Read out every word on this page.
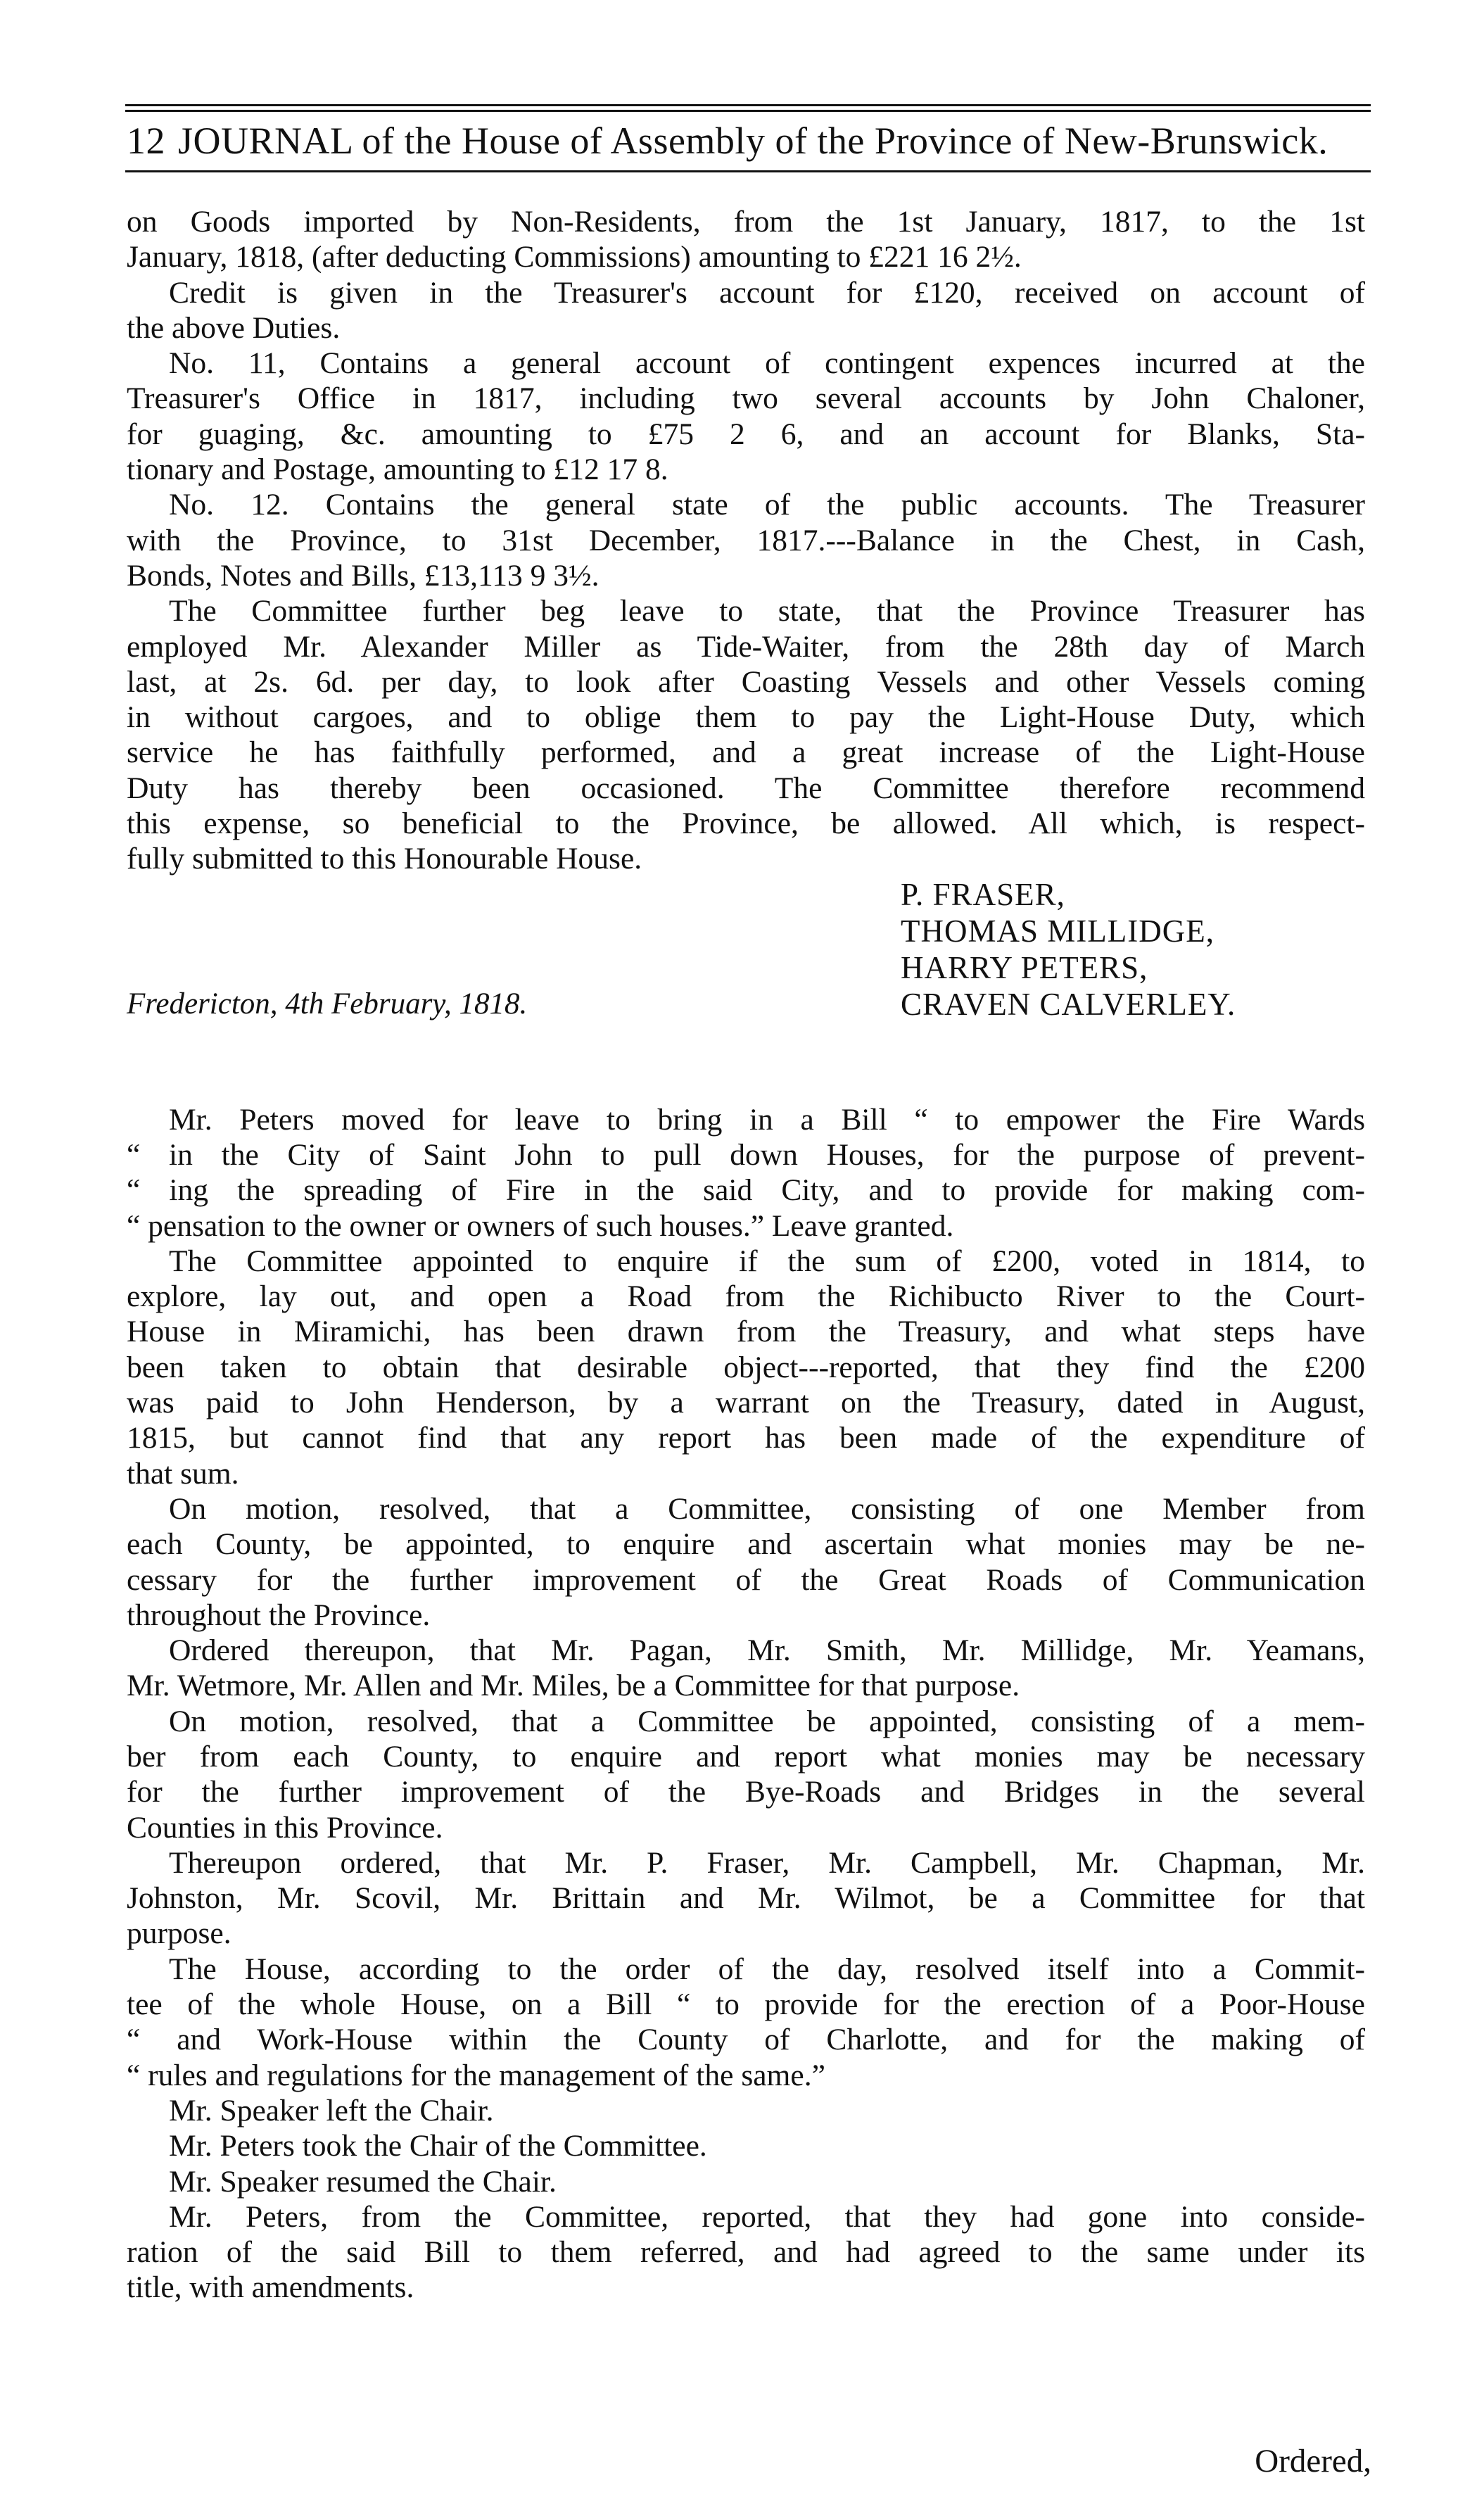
12 JOURNAL of the House of Assembly of the Province of New-Brunswick.

on Goods imported by Non-Residents, from the 1st January, 1817, to the 1st
January, 1818, (after deducting Commissions) amounting to £221 16 2½.

Credit is given in the Treasurer's account for £120, received on account of
the above Duties.

No. 11, Contains a general account of contingent expences incurred at the
Treasurer's Office in 1817, including two several accounts by John Chaloner,
for guaging, &c. amounting to £75 2 6, and an account for Blanks, Sta-
tionary and Postage, amounting to £12 17 8.

No. 12. Contains the general state of the public accounts. The Treasurer
with the Province, to 31st December, 1817.---Balance in the Chest, in Cash,
Bonds, Notes and Bills, £13,113 9 3½.

The Committee further beg leave to state, that the Province Treasurer has
employed Mr. Alexander Miller as Tide-Waiter, from the 28th day of March
last, at 2s. 6d. per day, to look after Coasting Vessels and other Vessels coming
in without cargoes, and to oblige them to pay the Light-House Duty, which
service he has faithfully performed, and a great increase of the Light-House
Duty has thereby been occasioned. The Committee therefore recommend
this expense, so beneficial to the Province, be allowed. All which, is respect-
fully submitted to this Honourable House.

P. FRASER,
THOMAS MILLIDGE,
HARRY PETERS,
Fredericton, 4th February, 1818.	CRAVEN CALVERLEY.

Mr. Peters moved for leave to bring in a Bill “ to empower the Fire Wards
“ in the City of Saint John to pull down Houses, for the purpose of prevent-
“ ing the spreading of Fire in the said City, and to provide for making com-
“ pensation to the owner or owners of such houses.” Leave granted.

The Committee appointed to enquire if the sum of £200, voted in 1814, to
explore, lay out, and open a Road from the Richibucto River to the Court-
House in Miramichi, has been drawn from the Treasury, and what steps have
been taken to obtain that desirable object---reported, that they find the £200
was paid to John Henderson, by a warrant on the Treasury, dated in August,
1815, but cannot find that any report has been made of the expenditure of
that sum.

On motion, resolved, that a Committee, consisting of one Member from
each County, be appointed, to enquire and ascertain what monies may be ne-
cessary for the further improvement of the Great Roads of Communication
throughout the Province.

Ordered thereupon, that Mr. Pagan, Mr. Smith, Mr. Millidge, Mr. Yeamans,
Mr. Wetmore, Mr. Allen and Mr. Miles, be a Committee for that purpose.

On motion, resolved, that a Committee be appointed, consisting of a mem-
ber from each County, to enquire and report what monies may be necessary
for the further improvement of the Bye-Roads and Bridges in the several
Counties in this Province.

Thereupon ordered, that Mr. P. Fraser, Mr. Campbell, Mr. Chapman, Mr.
Johnston, Mr. Scovil, Mr. Brittain and Mr. Wilmot, be a Committee for that
purpose.

The House, according to the order of the day, resolved itself into a Commit-
tee of the whole House, on a Bill “ to provide for the erection of a Poor-House
“ and Work-House within the County of Charlotte, and for the making of
“ rules and regulations for the management of the same.”

Mr. Speaker left the Chair.

Mr. Peters took the Chair of the Committee.

Mr. Speaker resumed the Chair.

Mr. Peters, from the Committee, reported, that they had gone into conside-
ration of the said Bill to them referred, and had agreed to the same under its
title, with amendments.

Ordered,
